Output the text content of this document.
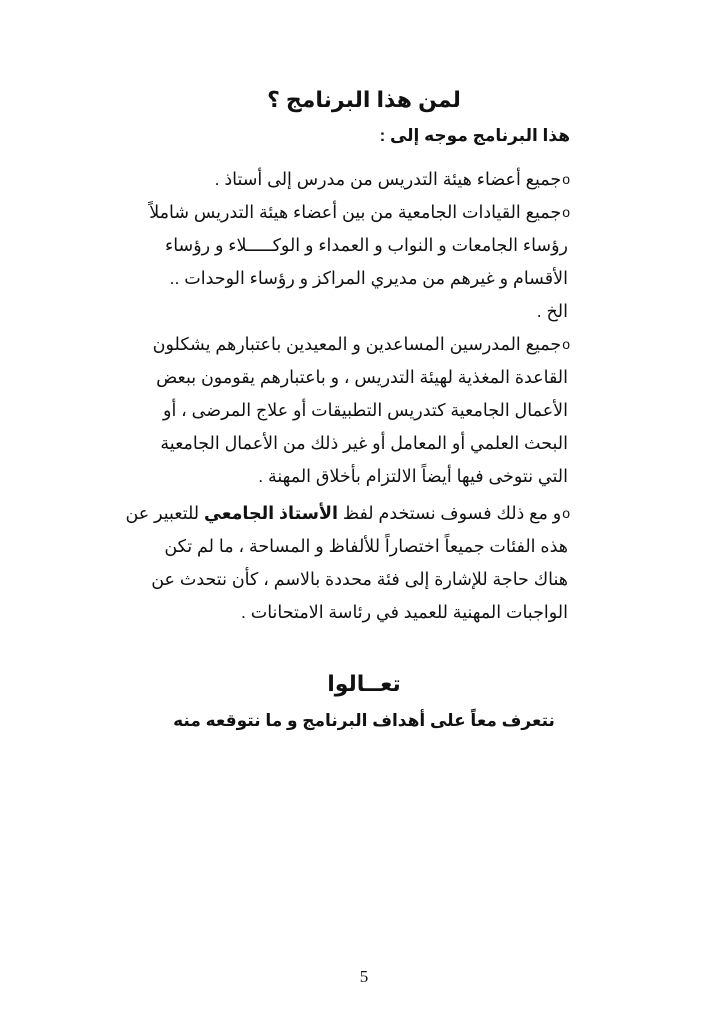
لمن هذا البرنامج ؟
هذا البرنامج موجه إلى :
oجميع أعضاء هيئة التدريس من مدرس إلى أستاذ .
oجميع القيادات الجامعية من بين أعضاء هيئة التدريس شاملاً
رؤساء الجامعات و النواب و العمداء و الوكـــــلاء و رؤساء
الأقسام و غيرهم من مديري المراكز و رؤساء الوحدات ..
الخ .
oجميع المدرسين المساعدين و المعيدين باعتبارهم يشكلون
القاعدة المغذية لهيئة التدريس ، و باعتبارهم يقومون ببعض
الأعمال الجامعية كتدريس التطبيقات أو علاج المرضى ، أو
البحث العلمي أو المعامل أو غير ذلك من الأعمال الجامعية
التي نتوخى فيها أيضاً الالتزام بأخلاق المهنة .
oو مع ذلك فسوف نستخدم لفظ الأستاذ الجامعي للتعبير عن
هذه الفئات جميعاً اختصاراً للألفاظ و المساحة ، ما لم تكن
هناك حاجة للإشارة إلى فئة محددة بالاسم ، كأن نتحدث عن
الواجبات المهنية للعميد في رئاسة الامتحانات .
تعــالوا
نتعرف معاً على أهداف البرنامج و ما نتوقعه منه
5
